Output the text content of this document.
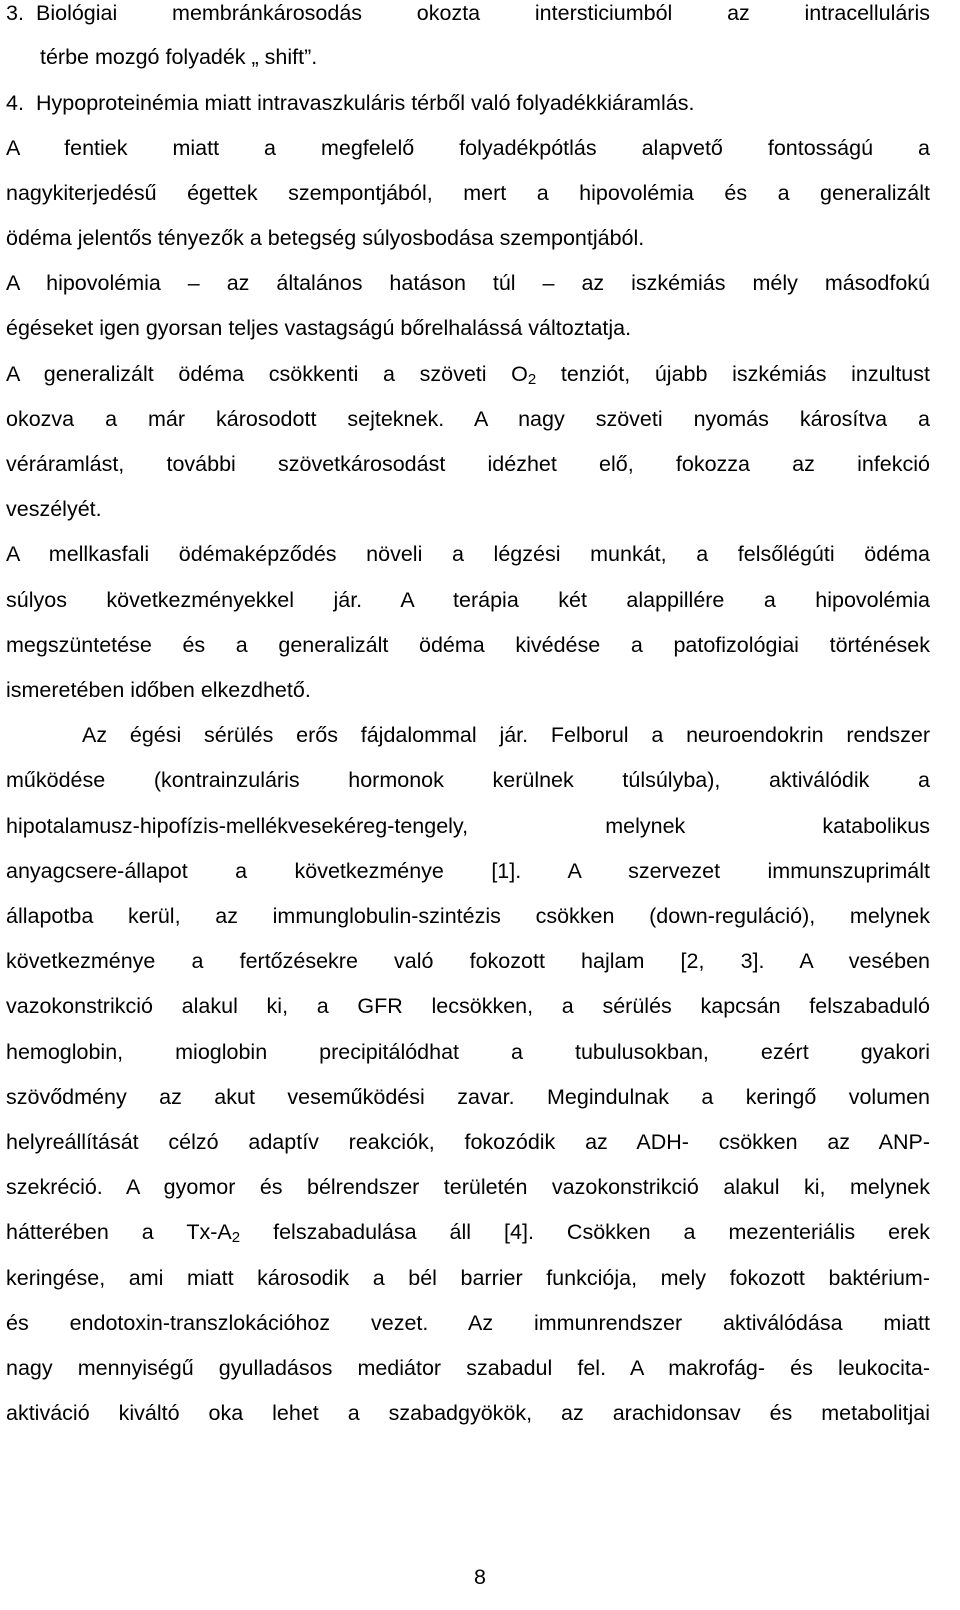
3. Biológiai membránkárosodás okozta intersticiumból az intracelluláris
térbe mozgó folyadék „ shift”.
4. Hypoproteinémia miatt intravaszkuláris térből való folyadékkiáramlás.
A fentiek miatt a megfelelő folyadékpótlás alapvető fontosságú a
nagykiterjedésű égettek szempontjából, mert a hipovolémia és a generalizált
ödéma jelentős tényezők a betegség súlyosbodása szempontjából.
A hipovolémia – az általános hatáson túl – az iszkémiás mély másodfokú
égéseket igen gyorsan teljes vastagságú bőrelhalássá változtatja.
A generalizált ödéma csökkenti a szöveti $O_2$ tenziót, újabb iszkémiás inzultust
okozva a már károsodott sejteknek. A nagy szöveti nyomás károsítva a
véráramlást, további szövetkárosodást idézhet elő, fokozza az infekció
veszélyét.
A mellkasfali ödémaképződés növeli a légzési munkát, a felsőlégúti ödéma
súlyos következményekkel jár. A terápia két alappillére a hipovolémia
megszüntetése és a generalizált ödéma kivédése a patofizológiai történések
ismeretében időben elkezdhető.
Az égési sérülés erős fájdalommal jár. Felborul a neuroendokrin rendszer
működése (kontrainzuláris hormonok kerülnek túlsúlyba), aktiválódik a
hipotalamusz-hipofízis-mellékvesekéreg-tengely, melynek katabolikus
anyagcsere-állapot a következménye [1]. A szervezet immunszuprimált
állapotba kerül, az immunglobulin-szintézis csökken (down-reguláció), melynek
következménye a fertőzésekre való fokozott hajlam [2, 3]. A vesében
vazokonstrikció alakul ki, a GFR lecsökken, a sérülés kapcsán felszabaduló
hemoglobin, mioglobin precipitálódhat a tubulusokban, ezért gyakori
szövődmény az akut veseműködési zavar. Megindulnak a keringő volumen
helyreállítását célzó adaptív reakciók, fokozódik az ADH- csökken az ANP-
szekréció. A gyomor és bélrendszer területén vazokonstrikció alakul ki, melynek
hátterében a $Tx-A_2$ felszabadulása áll [4]. Csökken a mezenteriális erek
keringése, ami miatt károsodik a bél barrier funkciója, mely fokozott baktérium-
és endotoxin-transzlokációhoz vezet. Az immunrendszer aktiválódása miatt
nagy mennyiségű gyulladásos mediátor szabadul fel. A makrofág- és leukocita-
aktiváció kiváltó oka lehet a szabadgyökök, az arachidonsav és metabolitjai
8
